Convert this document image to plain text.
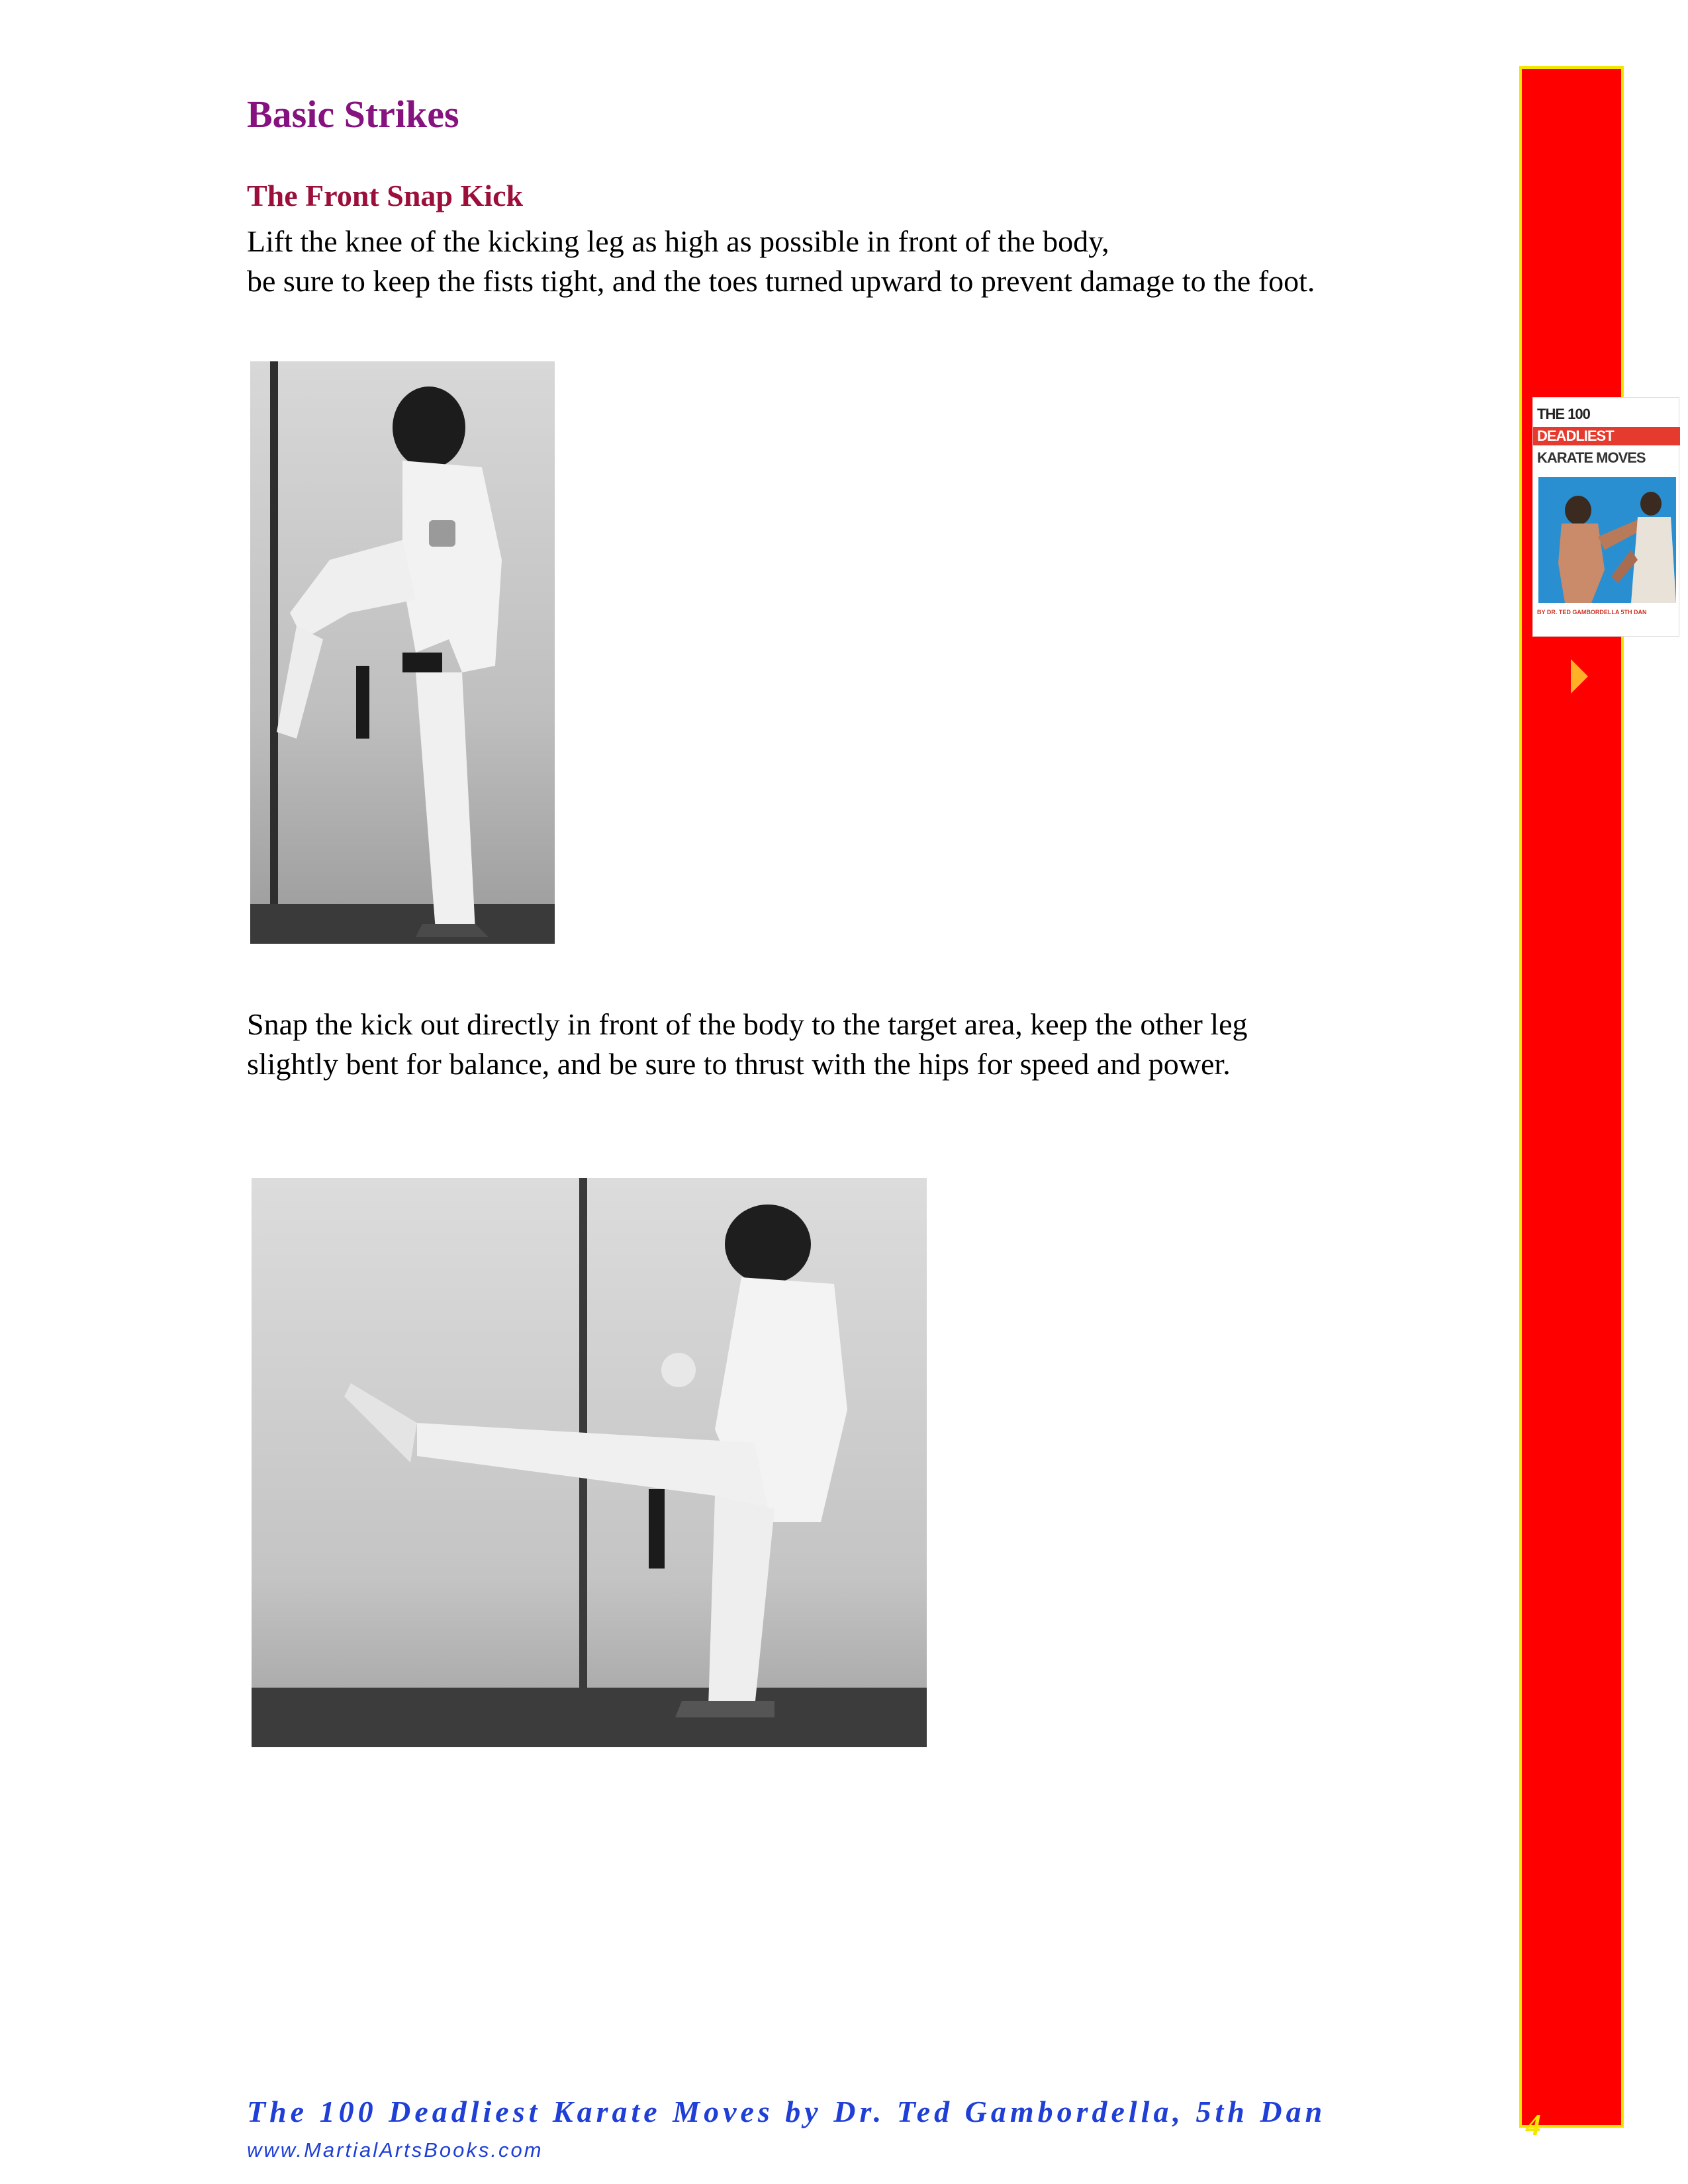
Basic Strikes
The Front Snap Kick

Lift the knee of the kicking leg as high as possible in front of the body,
be sure to keep the fists tight, and the toes turned upward to prevent damage to the foot.

Snap the kick out directly in front of the body to the target area, keep the other leg
slightly bent for balance, and be sure to thrust with the hips for speed and power.

THE 100
DEADLIEST
KARATE MOVES
BY DR. TED GAMBORDELLA 5TH DAN
4
The 100 Deadliest Karate Moves by Dr. Ted Gambordella, 5th Dan
www.MartialArtsBooks.com
